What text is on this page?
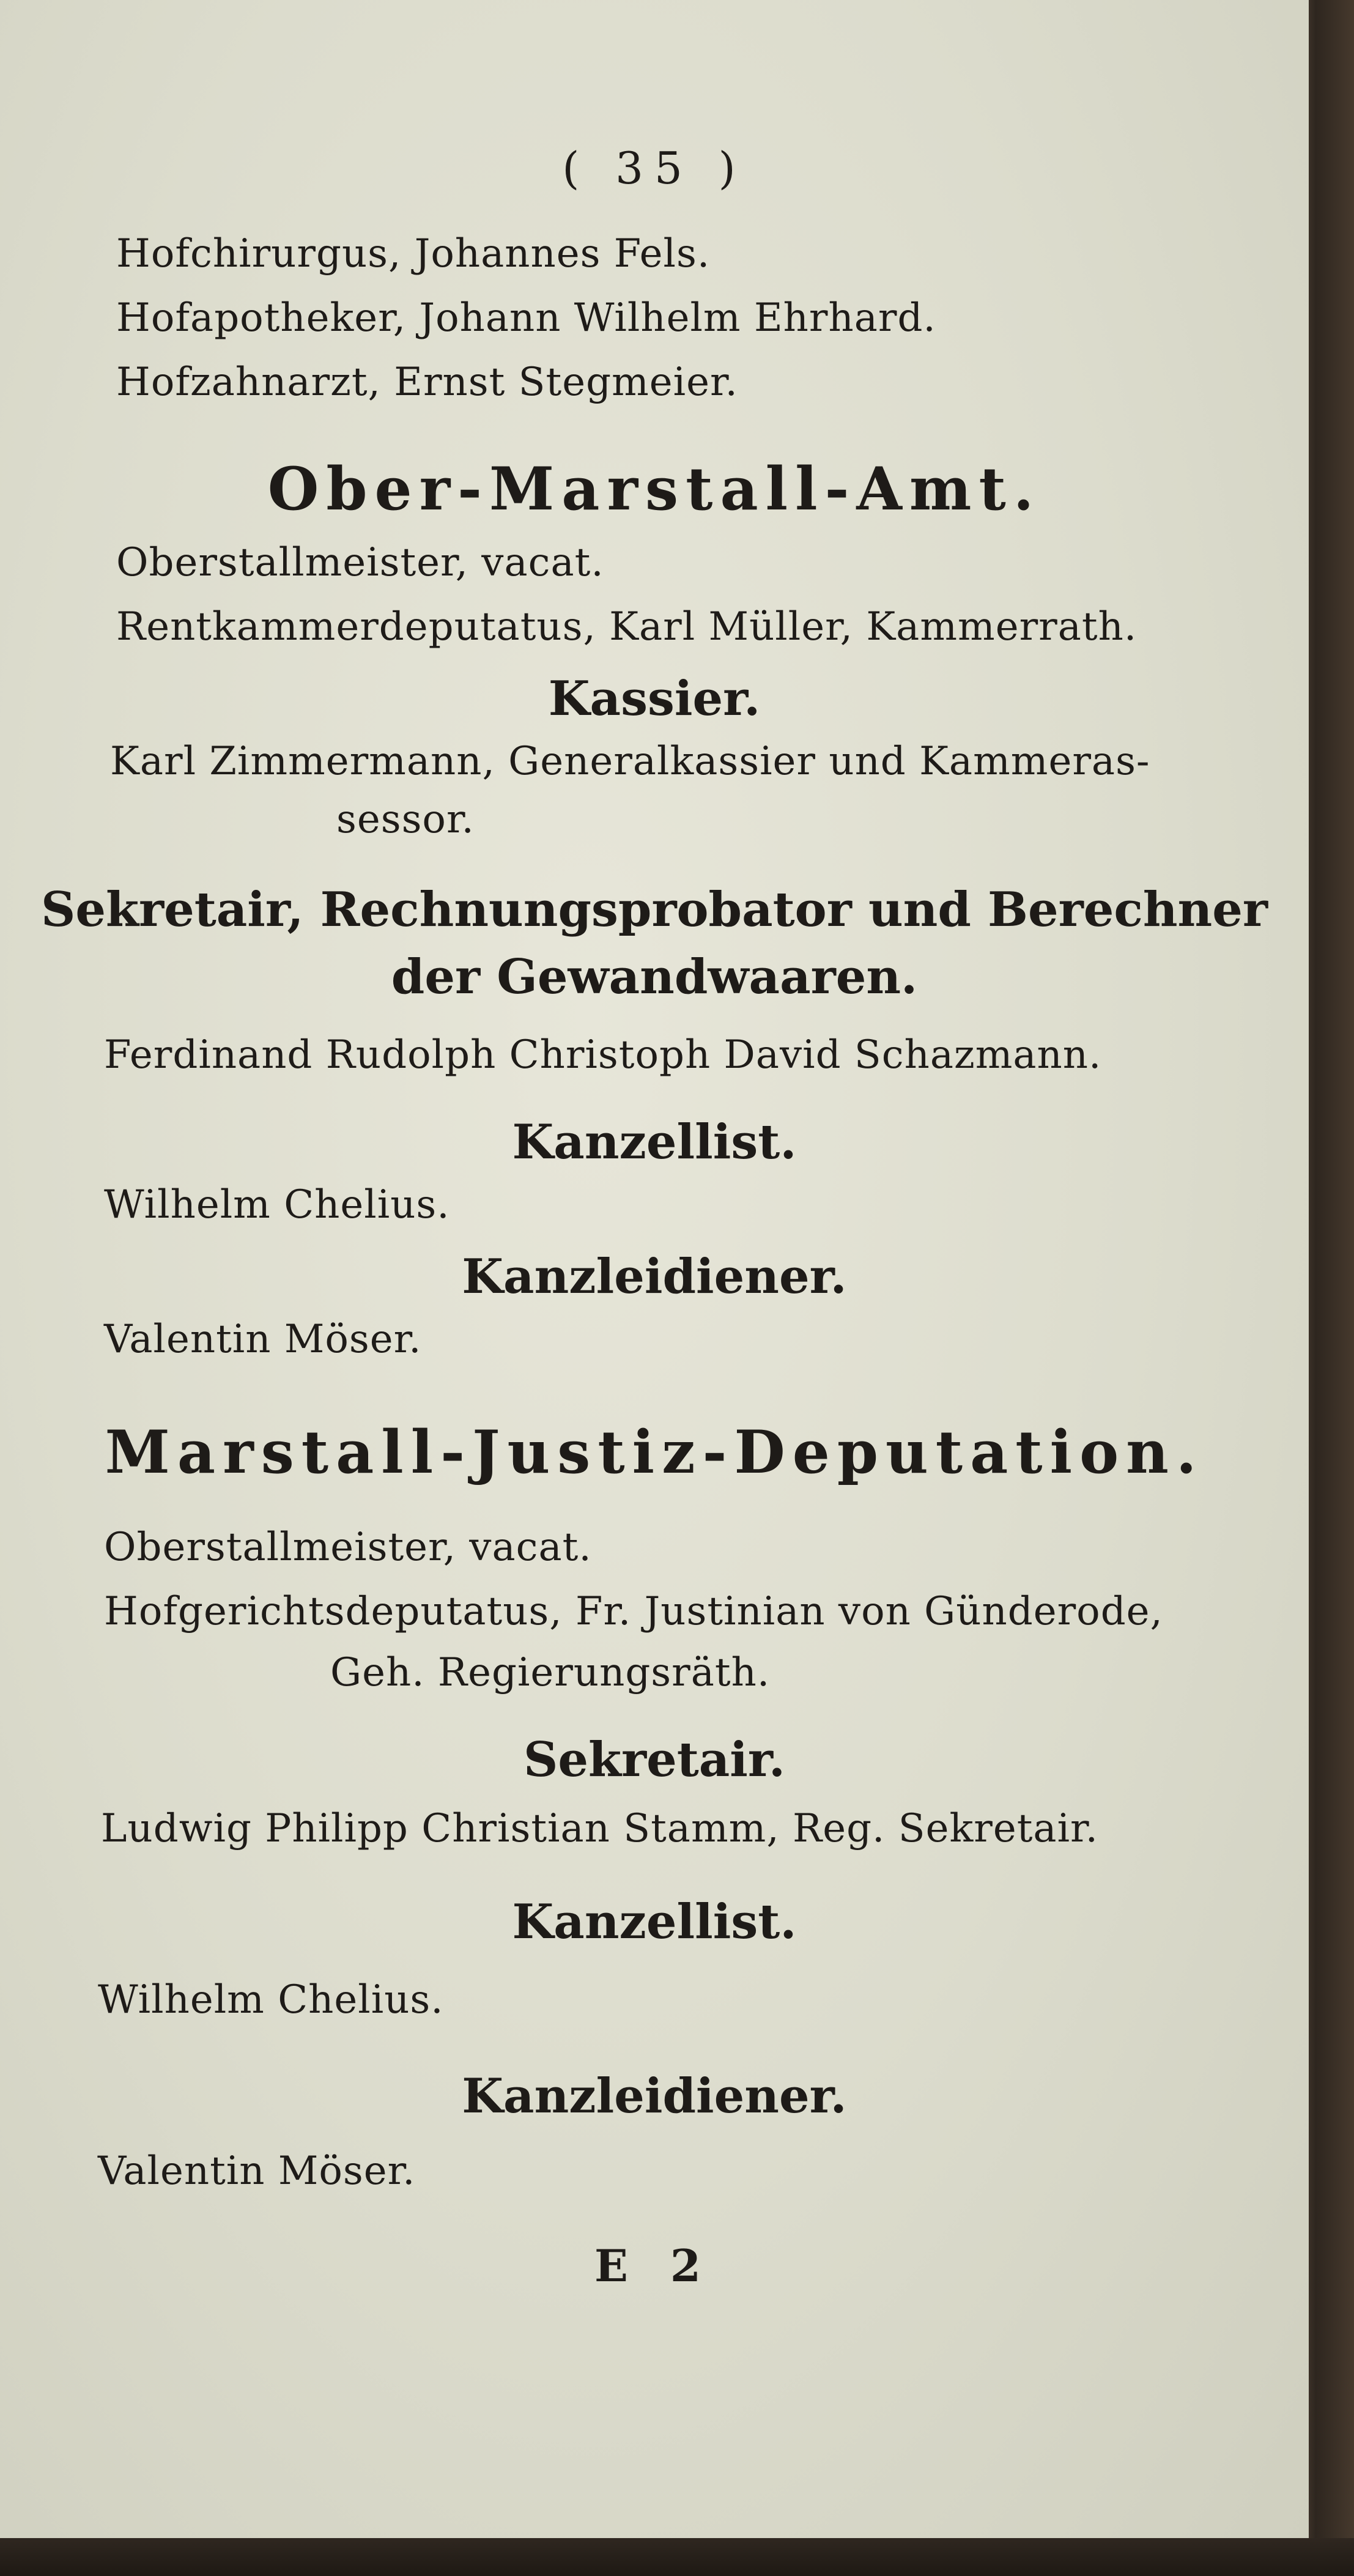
( 35 )
Hofchirurgus, Johannes Fels.
Hofapotheker, Johann Wilhelm Ehrhard.
Hofzahnarzt, Ernst Stegmeier.
Ober-Marstall-Amt.
Oberstallmeister, vacat.
Rentkammerdeputatus, Karl Müller, Kammerrath.
Kassier.
Karl Zimmermann, Generalkassier und Kammeras-
sessor.
Sekretair, Rechnungsprobator und Berechner
der Gewandwaaren.
Ferdinand Rudolph Christoph David Schazmann.
Kanzellist.
Wilhelm Chelius.
Kanzleidiener.
Valentin Möser.
Marstall-Justiz-Deputation.
Oberstallmeister, vacat.
Hofgerichtsdeputatus, Fr. Justinian von Günderode,
Geh. Regierungsräth.
Sekretair.
Ludwig Philipp Christian Stamm, Reg. Sekretair.
Kanzellist.
Wilhelm Chelius.
Kanzleidiener.
Valentin Möser.
E 2
